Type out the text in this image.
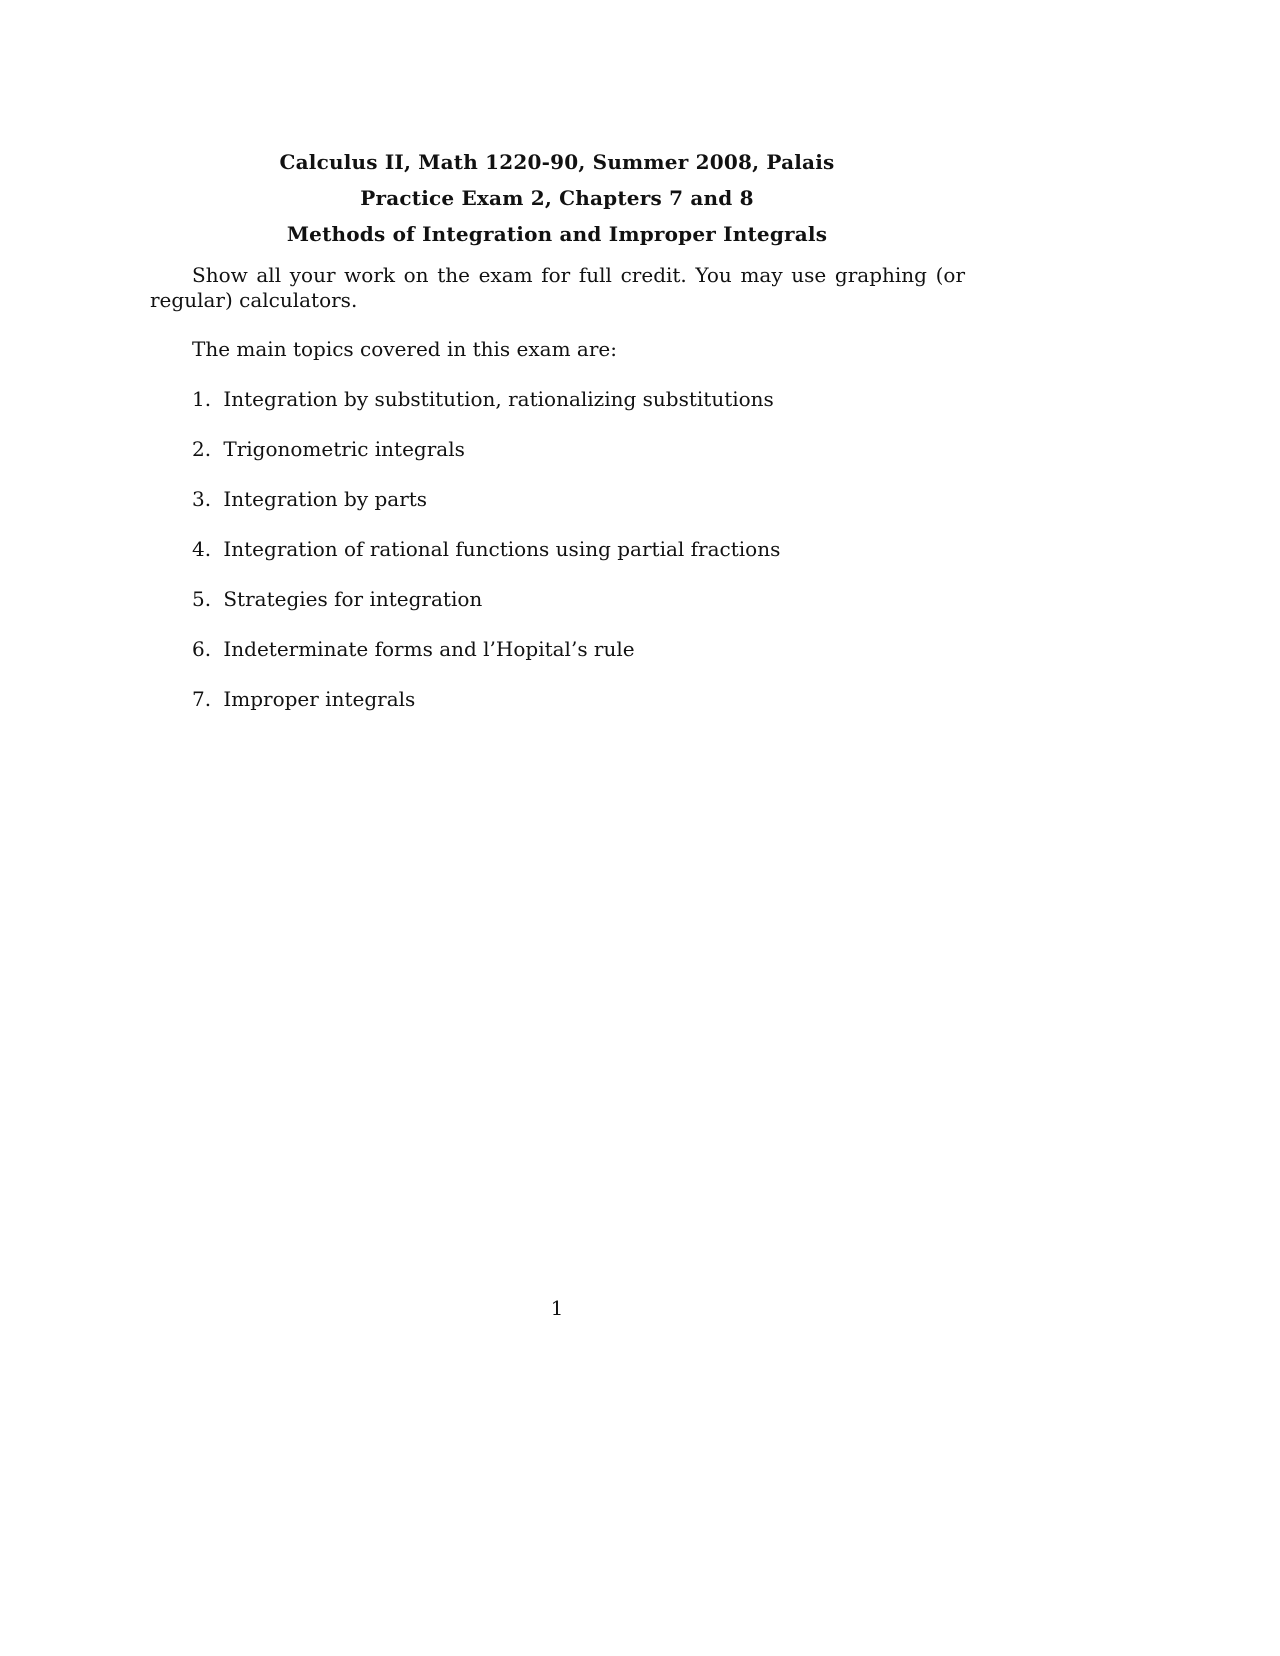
Calculus II, Math 1220-90, Summer 2008, Palais
Practice Exam 2, Chapters 7 and 8
Methods of Integration and Improper Integrals
Show all your work on the exam for full credit. You may use graphing (or regular) calculators.
The main topics covered in this exam are:
1. Integration by substitution, rationalizing substitutions
2. Trigonometric integrals
3. Integration by parts
4. Integration of rational functions using partial fractions
5. Strategies for integration
6. Indeterminate forms and l’Hopital’s rule
7. Improper integrals
1
